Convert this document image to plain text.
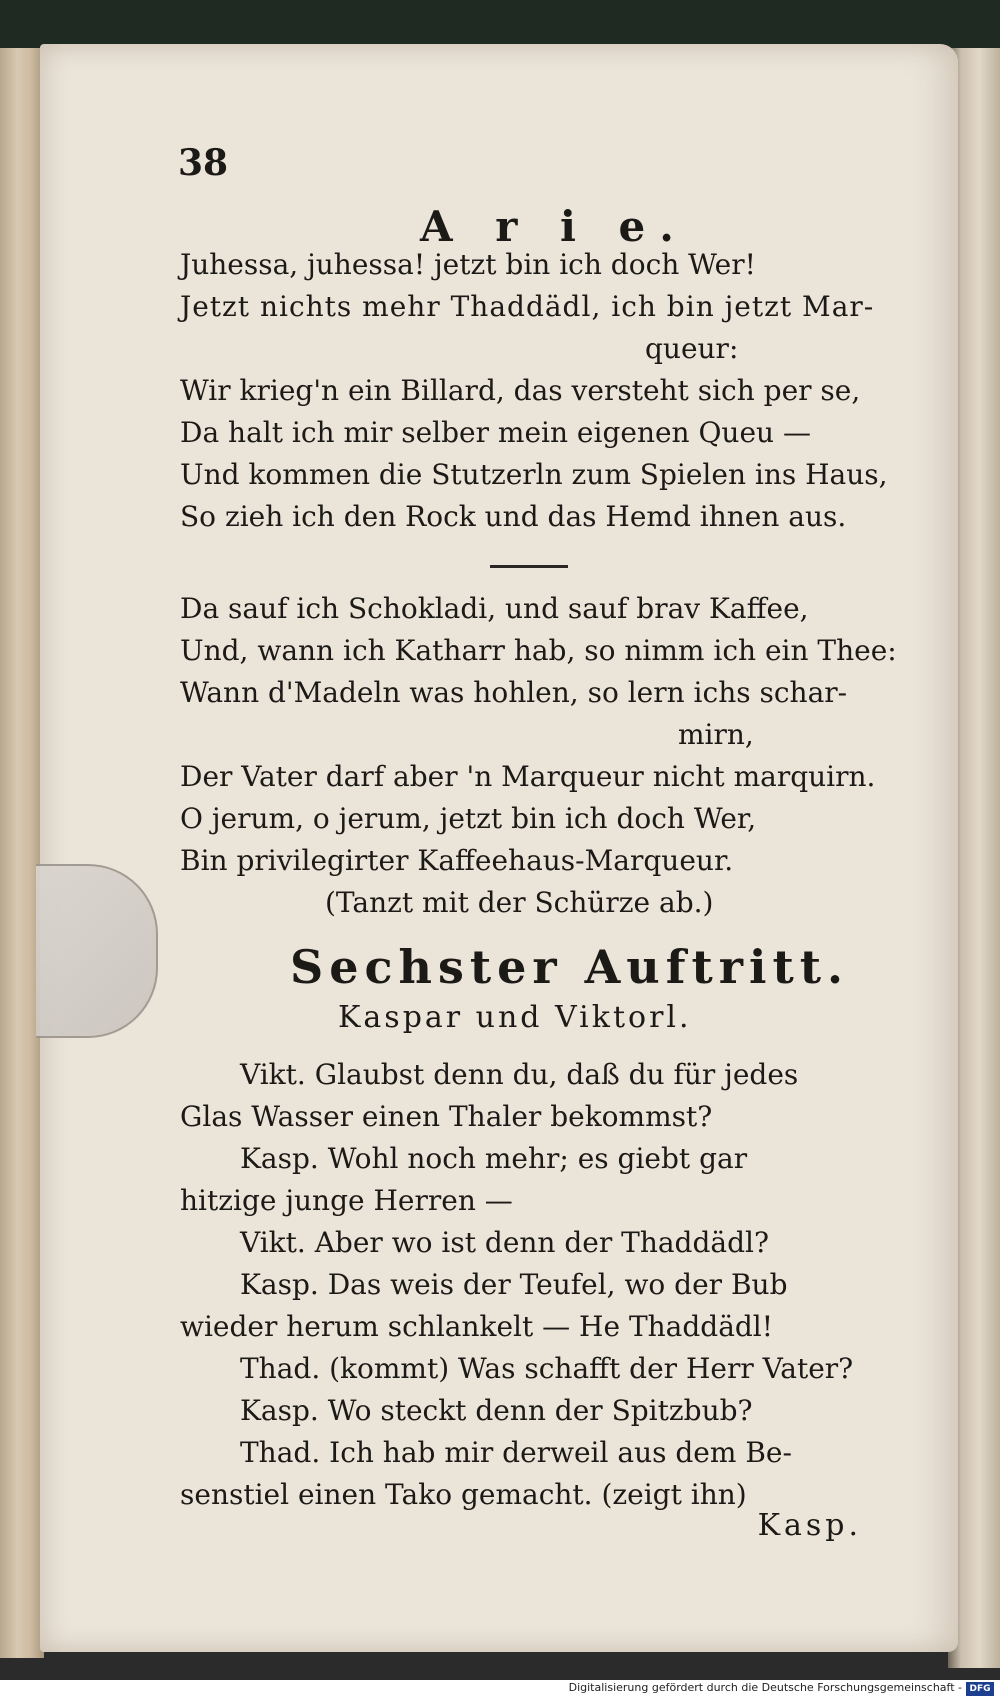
38
A r i e.
Juhessa, juhessa! jetzt bin ich doch Wer!
Jetzt nichts mehr Thaddädl, ich bin jetzt Mar-
queur:
Wir krieg'n ein Billard, das versteht sich per se,
Da halt ich mir selber mein eigenen Queu —
Und kommen die Stutzerln zum Spielen ins Haus,
So zieh ich den Rock und das Hemd ihnen aus.
Da sauf ich Schokladi, und sauf brav Kaffee,
Und, wann ich Katharr hab, so nimm ich ein Thee:
Wann d'Madeln was hohlen, so lern ichs schar-
mirn,
Der Vater darf aber 'n Marqueur nicht marquirn.
O jerum, o jerum, jetzt bin ich doch Wer,
Bin privilegirter Kaffeehaus-Marqueur.
(Tanzt mit der Schürze ab.)
Sechster Auftritt.
Kaspar und Viktorl.
Vikt. Glaubst denn du, daß du für jedes
Glas Wasser einen Thaler bekommst?
Kasp. Wohl noch mehr; es giebt gar
hitzige junge Herren —
Vikt. Aber wo ist denn der Thaddädl?
Kasp. Das weis der Teufel, wo der Bub
wieder herum schlankelt — He Thaddädl!
Thad. (kommt) Was schafft der Herr Vater?
Kasp. Wo steckt denn der Spitzbub?
Thad. Ich hab mir derweil aus dem Be-
senstiel einen Tako gemacht. (zeigt ihn)
Kasp.
Digitalisierung gefördert durch die Deutsche Forschungsgemeinschaft - DFG
